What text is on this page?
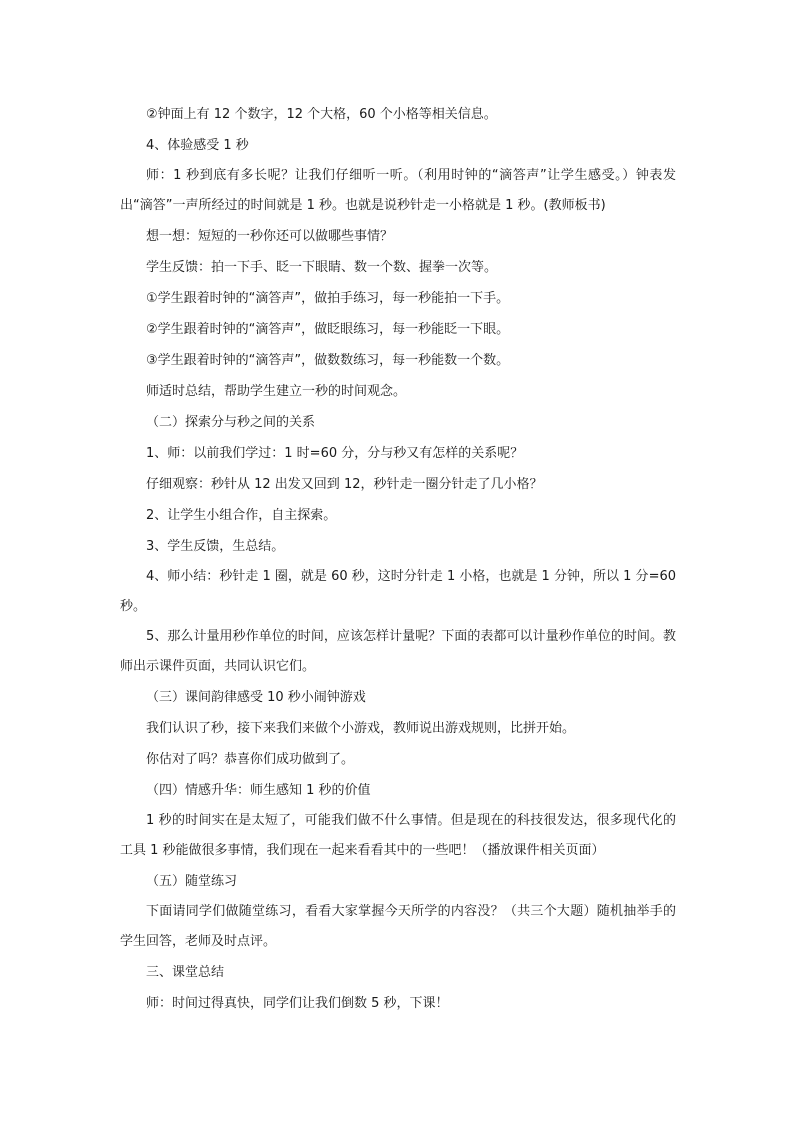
②钟面上有 12 个数字，12 个大格，60 个小格等相关信息。

4、体验感受 1 秒

师：1 秒到底有多长呢？让我们仔细听一听。（利用时钟的“滴答声”让学生感受。）钟表发出“滴答”一声所经过的时间就是 1 秒。也就是说秒针走一小格就是 1 秒。(教师板书)

想一想：短短的一秒你还可以做哪些事情？

学生反馈：拍一下手、眨一下眼睛、数一个数、握拳一次等。

①学生跟着时钟的“滴答声”，做拍手练习，每一秒能拍一下手。

②学生跟着时钟的“滴答声”，做眨眼练习，每一秒能眨一下眼。

③学生跟着时钟的“滴答声”，做数数练习，每一秒能数一个数。

师适时总结，帮助学生建立一秒的时间观念。

（二）探索分与秒之间的关系

1、师：以前我们学过：1 时=60 分，分与秒又有怎样的关系呢？

仔细观察：秒针从 12 出发又回到 12，秒针走一圈分针走了几小格？

2、让学生小组合作，自主探索。

3、学生反馈，生总结。

4、师小结：秒针走 1 圈，就是 60 秒，这时分针走 1 小格，也就是 1 分钟，所以 1 分=60 秒。

5、那么计量用秒作单位的时间，应该怎样计量呢？下面的表都可以计量秒作单位的时间。教师出示课件页面，共同认识它们。

（三）课间韵律感受 10 秒小闹钟游戏

我们认识了秒，接下来我们来做个小游戏，教师说出游戏规则，比拼开始。

你估对了吗？恭喜你们成功做到了。

（四）情感升华：师生感知 1 秒的价值

1 秒的时间实在是太短了，可能我们做不什么事情。但是现在的科技很发达，很多现代化的工具 1 秒能做很多事情，我们现在一起来看看其中的一些吧！（播放课件相关页面）

（五）随堂练习

下面请同学们做随堂练习，看看大家掌握今天所学的内容没？（共三个大题）随机抽举手的学生回答，老师及时点评。

三、课堂总结

师：时间过得真快，同学们让我们倒数 5 秒，下课！
